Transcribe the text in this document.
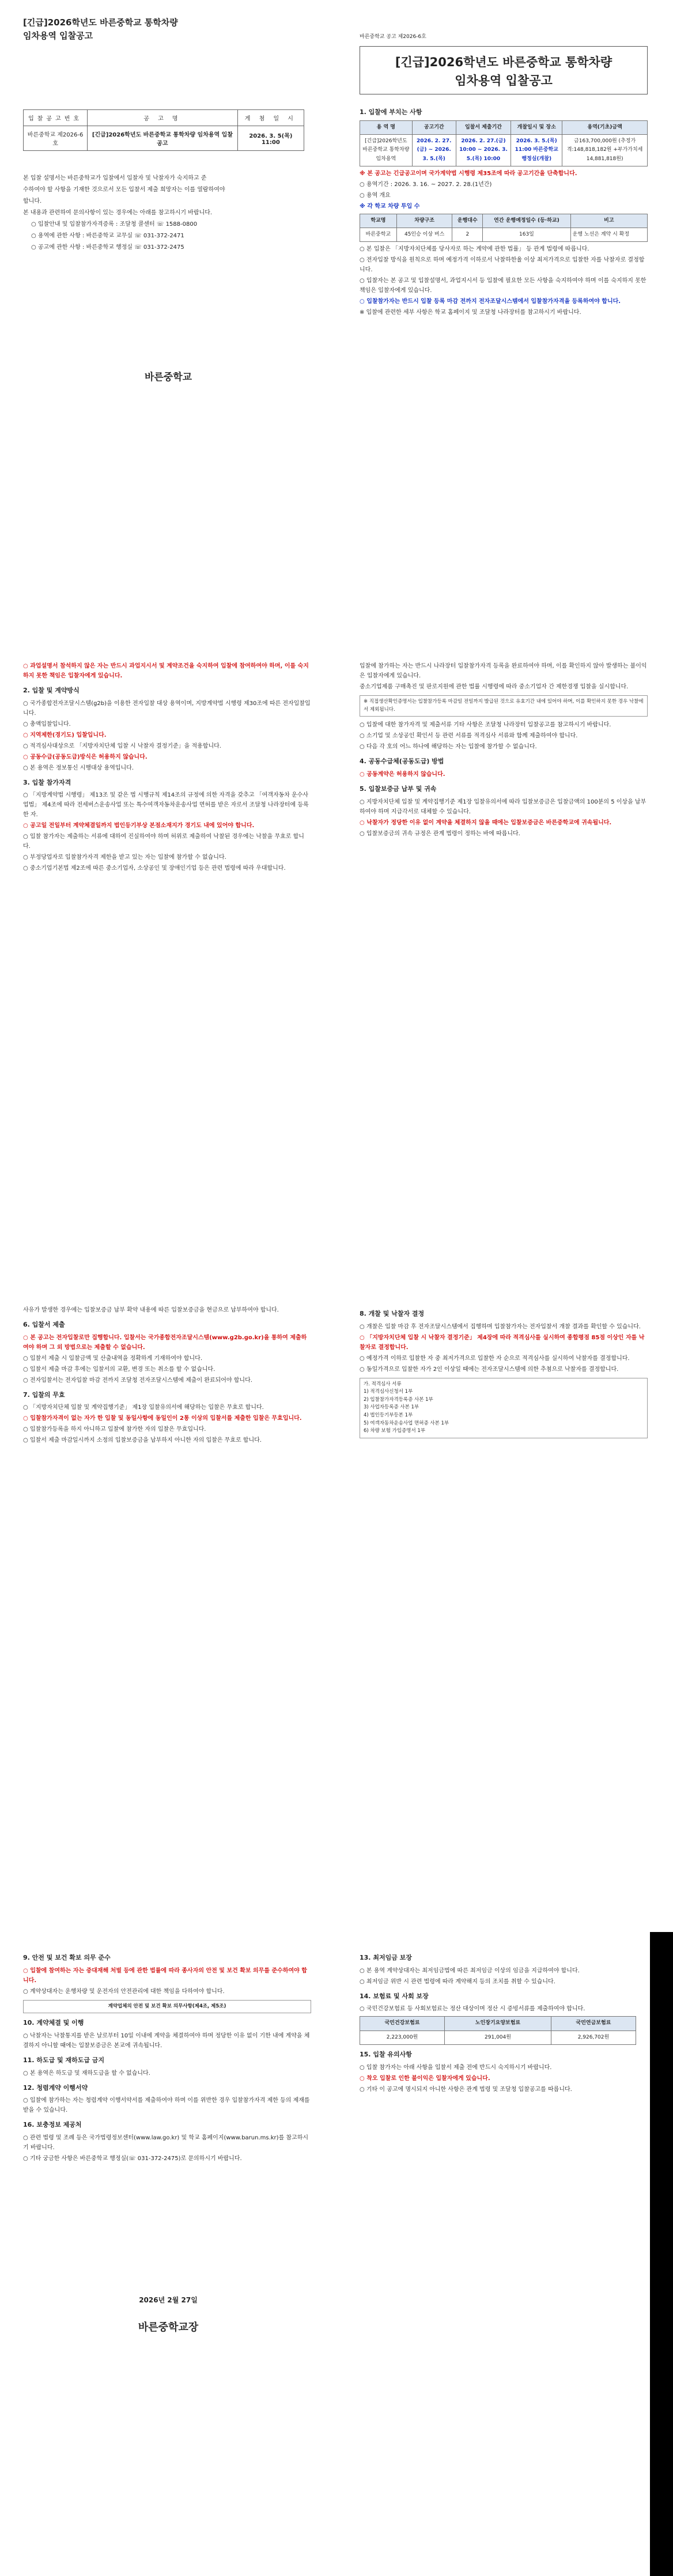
[긴급]2026학년도 바른중학교 통학차량
임차용역 입찰공고
입찰공고번호	공 고 명	게 첨 일 시
바른중학교 제2026-6호	[긴급]2026학년도 바른중학교 통학차량 임차용역 입찰공고	2026. 3. 5(목) 11:00

본 입찰 설명서는 바른중학교가 입찰에서 입찰자 및 낙찰자가 숙지하고 준

수하여야 할 사항을 기재한 것으로서 모든 입찰서 제출 희망자는 이를 열람하여야

합니다.

본 내용과 관련하여 문의사항이 있는 경우에는 아래를 참고하시기 바랍니다.

○ 입찰안내 및 입찰참가자격증록 : 조달청 콜센터 ☏ 1588-0800

○ 용역에 관한 사항 : 바른중학교 교무실 ☏ 031-372-2471

○ 공고에 관한 사항 : 바른중학교 행정실 ☏ 031-372-2475

바른중학교
바른중학교 공고 제2026-6호
[긴급]2026학년도 바른중학교 통학차량
임차용역 입찰공고
1. 입찰에 부치는 사항
용 역 명	공고기간	입찰서 제출기간	개찰일시 및 장소	용역(기초)금액
[긴급]2026학년도 바른중학교 통학차량 임차용역	2026. 2. 27.(금) ~ 2026. 3. 5.(목)	2026. 2. 27.(금) 10:00 ~ 2026. 3. 5.(목) 10:00	2026. 3. 5.(목) 11:00 바른중학교 행정실(개찰)	금163,700,000원 (추정가격:148,818,182원 +부가가치세 14,881,818원)

※ 본 공고는 긴급공고이며 국가계약법 시행령 제35조에 따라 공고기간을 단축합니다.

○ 용역기간 : 2026. 3. 16. ~ 2027. 2. 28.(1년간)

○ 용역 개요

※ 각 학교 차량 투입 수

학교명	차량구조	운행대수	연간 운행예정일수 (등·하교)	비고
바른중학교	45인승 이상 버스	2	163일	운행 노선은 계약 시 확정

○ 본 입찰은 「지방자치단체를 당사자로 하는 계약에 관한 법률」 등 관계 법령에 따릅니다.

○ 전자입찰 방식을 원칙으로 하며 예정가격 이하로서 낙찰하한율 이상 최저가격으로 입찰한 자를 낙찰자로 결정합니다.

○ 입찰자는 본 공고 및 입찰설명서, 과업지시서 등 입찰에 필요한 모든 사항을 숙지하여야 하며 이를 숙지하지 못한 책임은 입찰자에게 있습니다.

○ 입찰참가자는 반드시 입찰 등록 마감 전까지 전자조달시스템에서 입찰참가자격을 등록하여야 합니다.

※ 입찰에 관련한 세부 사항은 학교 홈페이지 및 조달청 나라장터를 참고하시기 바랍니다.

○ 과업설명서 참석하지 않은 자는 반드시 과업지시서 및 계약조건을 숙지하여 입찰에 참여하여야 하며, 이를 숙지하지 못한 책임은 입찰자에게 있습니다.

2. 입찰 및 계약방식

○ 국가종합전자조달시스템(g2b)을 이용한 전자입찰 대상 용역이며, 지방계약법 시행령 제30조에 따른 전자입찰입니다.

○ 총액입찰입니다.

○ 지역제한(경기도) 입찰입니다.

○ 적격심사대상으로 「지방자치단체 입찰 시 낙찰자 결정기준」을 적용합니다.

○ 공동수급(공동도급)방식은 허용하지 않습니다.

○ 본 용역은 정보통신 시행대상 용역입니다.

3. 입찰 참가자격

○ 「지방계약법 시행령」 제13조 및 같은 법 시행규칙 제14조의 규정에 의한 자격을 갖추고 「여객자동차 운수사업법」 제4조에 따라 전세버스운송사업 또는 특수여객자동차운송사업 면허를 받은 자로서 조달청 나라장터에 등록한 자.

○ 공고일 전일부터 계약체결일까지 법인등기부상 본점소재지가 경기도 내에 있어야 합니다.

○ 입찰 참가자는 제출하는 서류에 대하여 진실하여야 하며 허위로 제출하여 낙찰된 경우에는 낙찰을 무효로 합니다.

○ 부정당업자로 입찰참가자격 제한을 받고 있는 자는 입찰에 참가할 수 없습니다.

○ 중소기업기본법 제2조에 따른 중소기업자, 소상공인 및 장애인기업 등은 관련 법령에 따라 우대합니다.

입찰에 참가하는 자는 반드시 나라장터 입찰참가자격 등록을 완료하여야 하며, 이를 확인하지 않아 발생하는 불이익은 입찰자에게 있습니다.

중소기업제품 구매촉진 및 판로지원에 관한 법률 시행령에 따라 중소기업자 간 제한경쟁 입찰을 실시합니다.

※ 직접생산확인증명서는 입찰참가등록 마감일 전일까지 발급된 것으로 유효기간 내에 있어야 하며, 이를 확인하지 못한 경우 낙찰에서 제외됩니다.

○ 입찰에 대한 참가자격 및 제출서류 기타 사항은 조달청 나라장터 입찰공고를 참고하시기 바랍니다.

○ 소기업 및 소상공인 확인서 등 관련 서류를 적격심사 서류와 함께 제출하여야 합니다.

○ 다음 각 호의 어느 하나에 해당하는 자는 입찰에 참가할 수 없습니다.

4. 공동수급체(공동도급) 방법

○ 공동계약은 허용하지 않습니다.

5. 입찰보증금 납부 및 귀속

○ 지방자치단체 입찰 및 계약집행기준 제1장 입찰유의서에 따라 입찰보증금은 입찰금액의 100분의 5 이상을 납부하여야 하며 지급각서로 대체할 수 있습니다.

○ 낙찰자가 정당한 이유 없이 계약을 체결하지 않을 때에는 입찰보증금은 바른중학교에 귀속됩니다.

○ 입찰보증금의 귀속 규정은 관계 법령이 정하는 바에 따릅니다.

사유가 발생한 경우에는 입찰보증금 납부 확약 내용에 따른 입찰보증금을 현금으로 납부하여야 합니다.

6. 입찰서 제출

○ 본 공고는 전자입찰로만 집행합니다. 입찰서는 국가종합전자조달시스템(www.g2b.go.kr)을 통하여 제출하여야 하며 그 외 방법으로는 제출할 수 없습니다.

○ 입찰서 제출 시 입찰금액 및 산출내역을 정확하게 기재하여야 합니다.

○ 입찰서 제출 마감 후에는 입찰서의 교환, 변경 또는 취소를 할 수 없습니다.

○ 전자입찰서는 전자입찰 마감 전까지 조달청 전자조달시스템에 제출이 완료되어야 합니다.

7. 입찰의 무효

○ 「지방자치단체 입찰 및 계약집행기준」 제1장 입찰유의서에 해당하는 입찰은 무효로 합니다.

○ 입찰참가자격이 없는 자가 한 입찰 및 동일사항에 동일인이 2통 이상의 입찰서를 제출한 입찰은 무효입니다.

○ 입찰참가등록을 하지 아니하고 입찰에 참가한 자의 입찰은 무효입니다.

○ 입찰서 제출 마감일시까지 소정의 입찰보증금을 납부하지 아니한 자의 입찰은 무효로 합니다.

8. 개찰 및 낙찰자 결정

○ 개찰은 입찰 마감 후 전자조달시스템에서 집행하며 입찰참가자는 전자입찰서 개찰 결과를 확인할 수 있습니다.

○ 「지방자치단체 입찰 시 낙찰자 결정기준」 제4장에 따라 적격심사를 실시하여 종합평점 85점 이상인 자를 낙찰자로 결정합니다.

○ 예정가격 이하로 입찰한 자 중 최저가격으로 입찰한 자 순으로 적격심사를 실시하여 낙찰자를 결정합니다.

○ 동일가격으로 입찰한 자가 2인 이상일 때에는 전자조달시스템에 의한 추첨으로 낙찰자를 결정합니다.

가. 적격심사 서류
1) 적격심사신청서 1부
2) 입찰참가자격등록증 사본 1부
3) 사업자등록증 사본 1부
4) 법인등기부등본 1부
5) 여객자동차운송사업 면허증 사본 1부
6) 차량 보험 가입증명서 1부
9. 안전 및 보건 확보 의무 준수

○ 입찰에 참여하는 자는 중대재해 처벌 등에 관한 법률에 따라 종사자의 안전 및 보건 확보 의무를 준수하여야 합니다.

○ 계약상대자는 운행차량 및 운전자의 안전관리에 대한 책임을 다하여야 합니다.

계약업체의 안전 및 보건 확보 의무사항(제4조, 제5조)
10. 계약체결 및 이행

○ 낙찰자는 낙찰통지를 받은 날로부터 10일 이내에 계약을 체결하여야 하며 정당한 이유 없이 기한 내에 계약을 체결하지 아니할 때에는 입찰보증금은 본교에 귀속됩니다.

11. 하도급 및 재하도급 금지

○ 본 용역은 하도급 및 재하도급을 할 수 없습니다.

12. 청렴계약 이행서약

○ 입찰에 참가하는 자는 청렴계약 이행서약서를 제출하여야 하며 이를 위반한 경우 입찰참가자격 제한 등의 제재를 받을 수 있습니다.

16. 보충정보 제공처

○ 관련 법령 및 조례 등은 국가법령정보센터(www.law.go.kr) 및 학교 홈페이지(www.barun.ms.kr)를 참고하시기 바랍니다.

○ 기타 궁금한 사항은 바른중학교 행정실(☏ 031-372-2475)로 문의하시기 바랍니다.

2026년 2월 27일
바른중학교장
13. 최저임금 보장

○ 본 용역 계약상대자는 최저임금법에 따른 최저임금 이상의 임금을 지급하여야 합니다.

○ 최저임금 위반 시 관련 법령에 따라 계약해지 등의 조치를 취할 수 있습니다.

14. 보험료 및 사회 보장

○ 국민건강보험료 등 사회보험료는 정산 대상이며 정산 시 증빙서류를 제출하여야 합니다.

국민건강보험료	노인장기요양보험료	국민연금보험료
2,223,000원	291,004원	2,926,702원
15. 입찰 유의사항

○ 입찰 참가자는 아래 사항을 입찰서 제출 전에 반드시 숙지하시기 바랍니다.

○ 착오 입찰로 인한 불이익은 입찰자에게 있습니다.

○ 기타 이 공고에 명시되지 아니한 사항은 관계 법령 및 조달청 입찰공고를 따릅니다.
